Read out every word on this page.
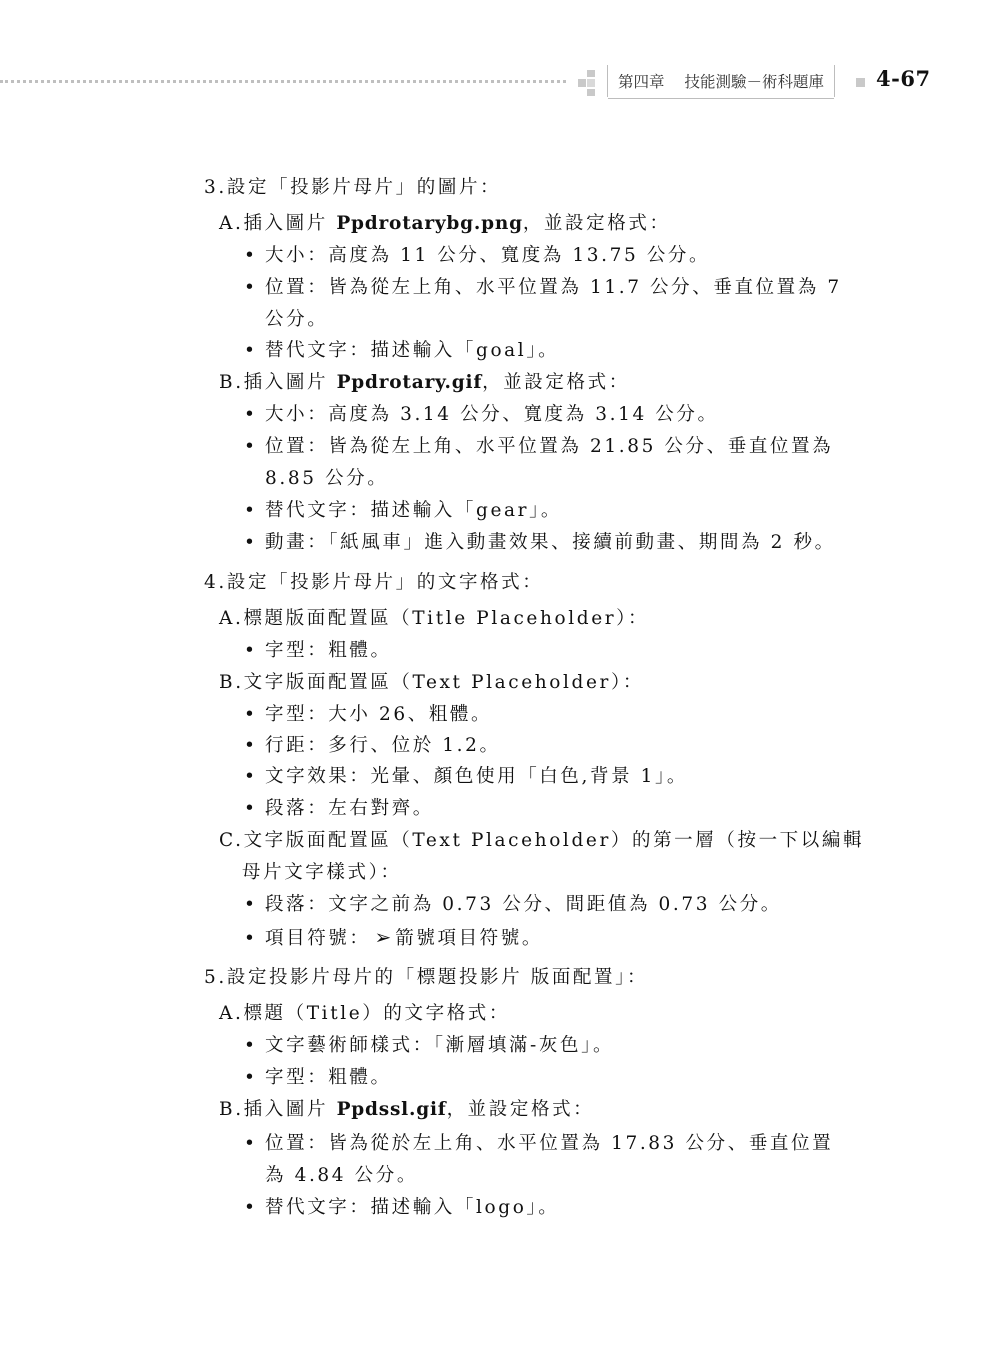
第四章 技能測驗－術科題庫 4-67
3.設定「投影片母片」的圖片：
A.插入圖片 Ppdrotarybg.png，並設定格式：
• 大小：高度為 11 公分、寬度為 13.75 公分。
• 位置：皆為從左上角、水平位置為 11.7 公分、垂直位置為 7
公分。
• 替代文字：描述輸入「goal」。
B.插入圖片 Ppdrotary.gif，並設定格式：
• 大小：高度為 3.14 公分、寬度為 3.14 公分。
• 位置：皆為從左上角、水平位置為 21.85 公分、垂直位置為
8.85 公分。
• 替代文字：描述輸入「gear」。
• 動畫：「紙風車」進入動畫效果、接續前動畫、期間為 2 秒。
4.設定「投影片母片」的文字格式：
A.標題版面配置區（Title Placeholder）：
• 字型：粗體。
B.文字版面配置區（Text Placeholder）：
• 字型：大小 26、粗體。
• 行距：多行、位於 1.2。
• 文字效果：光暈、顏色使用「白色,背景 1」。
• 段落：左右對齊。
C.文字版面配置區（Text Placeholder）的第一層（按一下以編輯
母片文字樣式）：
• 段落：文字之前為 0.73 公分、間距值為 0.73 公分。
• 項目符號： ➢ 箭號項目符號。
5.設定投影片母片的「標題投影片 版面配置」：
A.標題（Title）的文字格式：
• 文字藝術師樣式：「漸層填滿-灰色」。
• 字型：粗體。
B.插入圖片 Ppdssl.gif，並設定格式：
• 位置：皆為從於左上角、水平位置為 17.83 公分、垂直位置
為 4.84 公分。
• 替代文字：描述輸入「logo」。
